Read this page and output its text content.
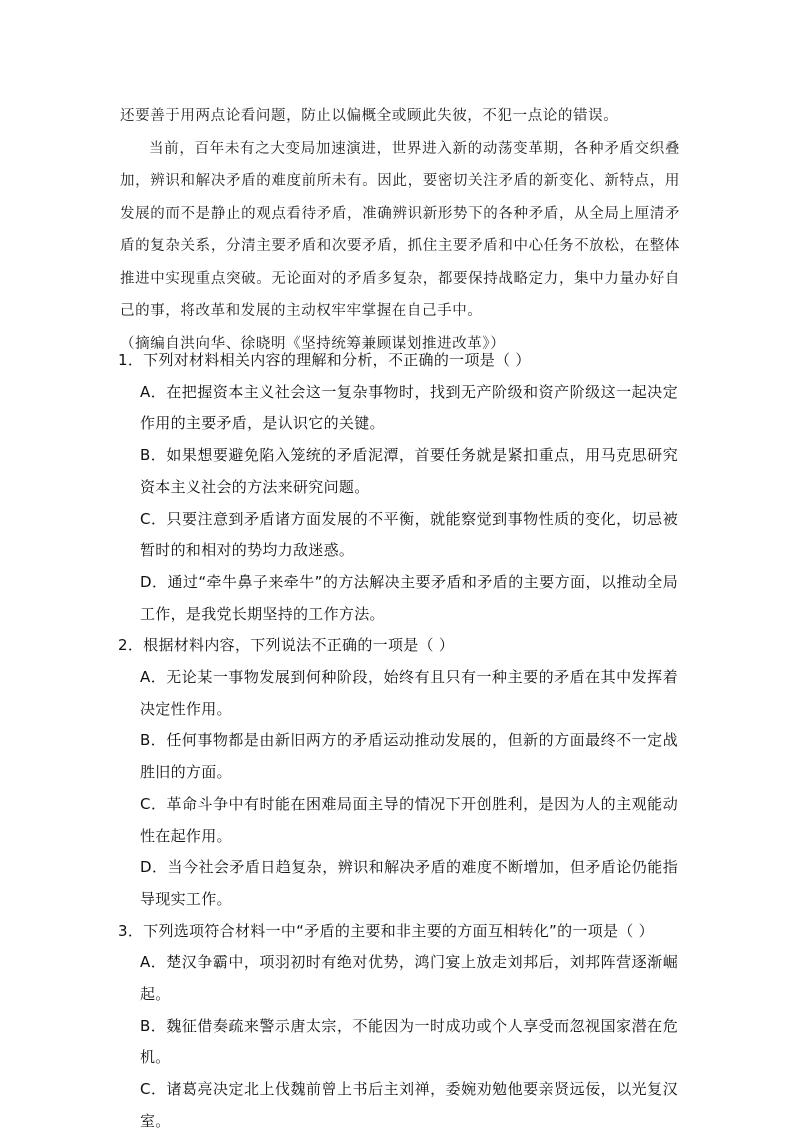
还要善于用两点论看问题，防止以偏概全或顾此失彼，不犯一点论的错误。

当前，百年未有之大变局加速演进，世界进入新的动荡变革期，各种矛盾交织叠加，辨识和解决矛盾的难度前所未有。因此，要密切关注矛盾的新变化、新特点，用发展的而不是静止的观点看待矛盾，准确辨识新形势下的各种矛盾，从全局上厘清矛盾的复杂关系，分清主要矛盾和次要矛盾，抓住主要矛盾和中心任务不放松，在整体推进中实现重点突破。无论面对的矛盾多复杂，都要保持战略定力，集中力量办好自己的事，将改革和发展的主动权牢牢掌握在自己手中。

（摘编自洪向华、徐晓明《坚持统筹兼顾谋划推进改革》）

1．下列对材料相关内容的理解和分析，不正确的一项是（ ）

A．在把握资本主义社会这一复杂事物时，找到无产阶级和资产阶级这一起决定作用的主要矛盾，是认识它的关键。

B．如果想要避免陷入笼统的矛盾泥潭，首要任务就是紧扣重点，用马克思研究资本主义社会的方法来研究问题。

C．只要注意到矛盾诸方面发展的不平衡，就能察觉到事物性质的变化，切忌被暂时的和相对的势均力敌迷惑。

D．通过“牵牛鼻子来牵牛”的方法解决主要矛盾和矛盾的主要方面，以推动全局工作，是我党长期坚持的工作方法。

2．根据材料内容，下列说法不正确的一项是（ ）

A．无论某一事物发展到何种阶段，始终有且只有一种主要的矛盾在其中发挥着决定性作用。

B．任何事物都是由新旧两方的矛盾运动推动发展的，但新的方面最终不一定战胜旧的方面。

C．革命斗争中有时能在困难局面主导的情况下开创胜利，是因为人的主观能动性在起作用。

D．当今社会矛盾日趋复杂，辨识和解决矛盾的难度不断增加，但矛盾论仍能指导现实工作。

3．下列选项符合材料一中“矛盾的主要和非主要的方面互相转化”的一项是（ ）

A．楚汉争霸中，项羽初时有绝对优势，鸿门宴上放走刘邦后，刘邦阵营逐渐崛起。

B．魏征借奏疏来警示唐太宗，不能因为一时成功或个人享受而忽视国家潜在危机。

C．诸葛亮决定北上伐魏前曾上书后主刘禅，委婉劝勉他要亲贤远佞，以光复汉室。
